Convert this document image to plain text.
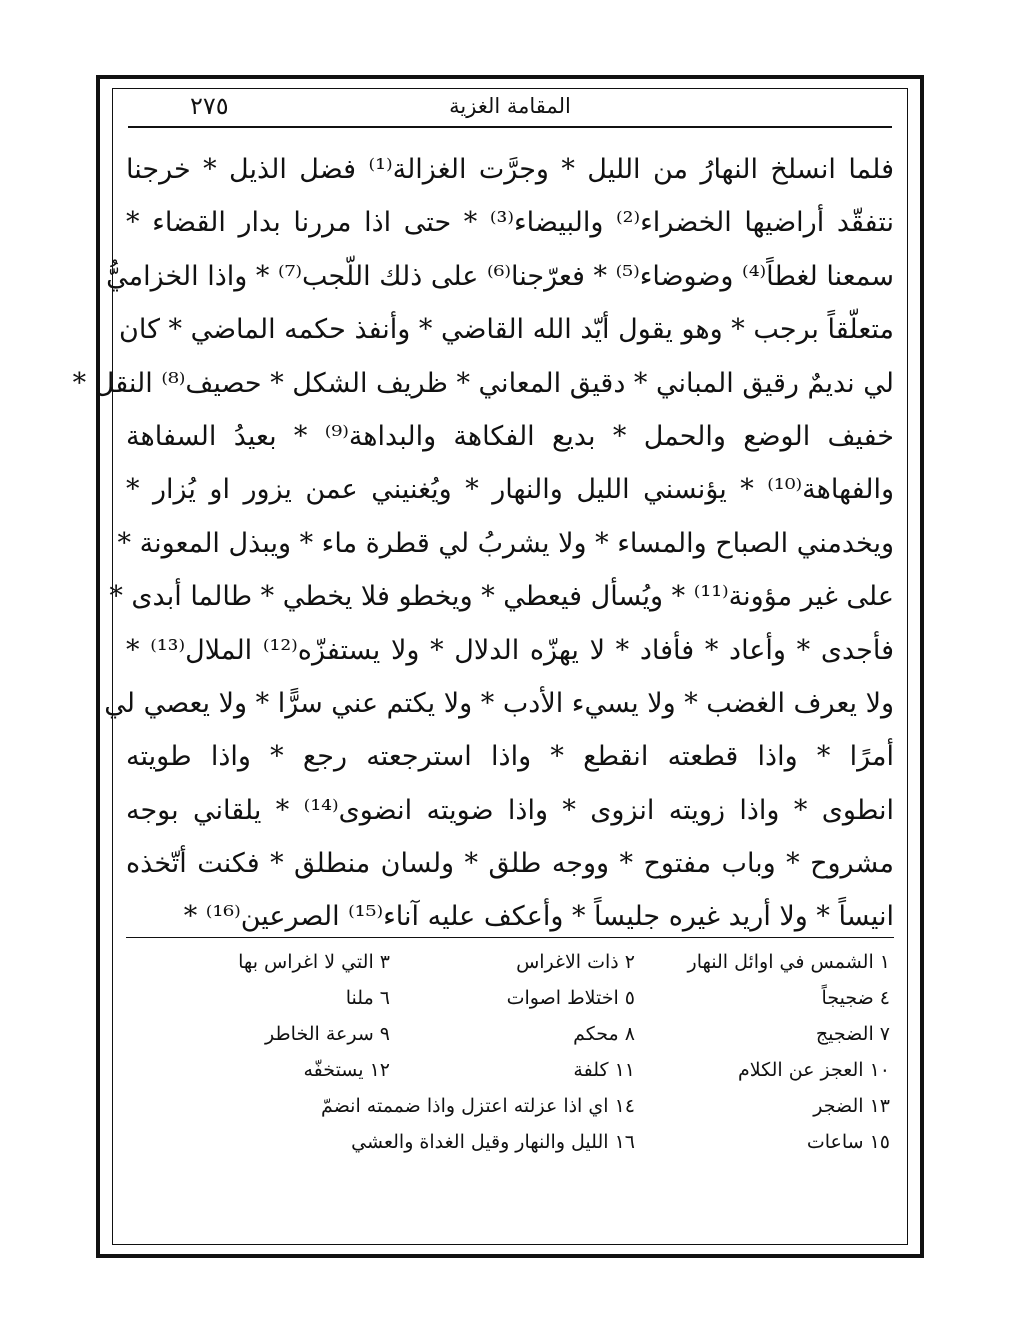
المقامة الغزية
٢٧٥
فلما انسلخ النهارُ من الليل * وجرَّت الغزالة⁽¹⁾ فضل الذيل * خرجنا
نتفقّد أراضيها الخضراء⁽²⁾ والبيضاء⁽³⁾ * حتى اذا مررنا بدار القضاء *
سمعنا لغطاً⁽⁴⁾ وضوضاء⁽⁵⁾ * فعرّجنا⁽⁶⁾ على ذلك اللّجب⁽⁷⁾ * واذا الخزاميُّ
متعلّقاً برجب * وهو يقول أيّد الله القاضي * وأنفذ حكمه الماضي * كان
لي نديمٌ رقيق المباني * دقيق المعاني * ظريف الشكل * حصيف⁽⁸⁾ النقل *
خفيف الوضع والحمل * بديع الفكاهة والبداهة⁽⁹⁾ * بعيدُ السفاهة
والفهاهة⁽¹⁰⁾ * يؤنسني الليل والنهار * ويُغنيني عمن يزور او يُزار *
ويخدمني الصباح والمساء * ولا يشربُ لي قطرة ماء * ويبذل المعونة *
على غير مؤونة⁽¹¹⁾ * ويُسأل فيعطي * ويخطو فلا يخطي * طالما أبدى *
فأجدى * وأعاد * فأفاد * لا يهزّه الدلال * ولا يستفزّه⁽¹²⁾ الملال⁽¹³⁾ *
ولا يعرف الغضب * ولا يسيء الأدب * ولا يكتم عني سرًّا * ولا يعصي لي
أمرًا * واذا قطعته انقطع * واذا استرجعته رجع * واذا طويته
انطوى * واذا زويته انزوى * واذا ضويته انضوى⁽¹⁴⁾ * يلقاني بوجه
مشروح * وباب مفتوح * ووجه طلق * ولسان منطلق * فكنت أتّخذه
انيساً * ولا أريد غيره جليساً * وأعكف عليه آناء⁽¹⁵⁾ الصرعين⁽¹⁶⁾ *
١ الشمس في اوائل النهار
٢ ذات الاغراس
٣ التي لا اغراس بها
٤ ضجيجاً
٥ اختلاط اصوات
٦ ملنا
٧ الضجيج
٨ محكم
٩ سرعة الخاطر
١٠ العجز عن الكلام
١١ كلفة
١٢ يستخفّه
١٣ الضجر
١٤ اي اذا عزلته اعتزل واذا ضممته انضمّ
١٥ ساعات
١٦ الليل والنهار وقيل الغداة والعشي
